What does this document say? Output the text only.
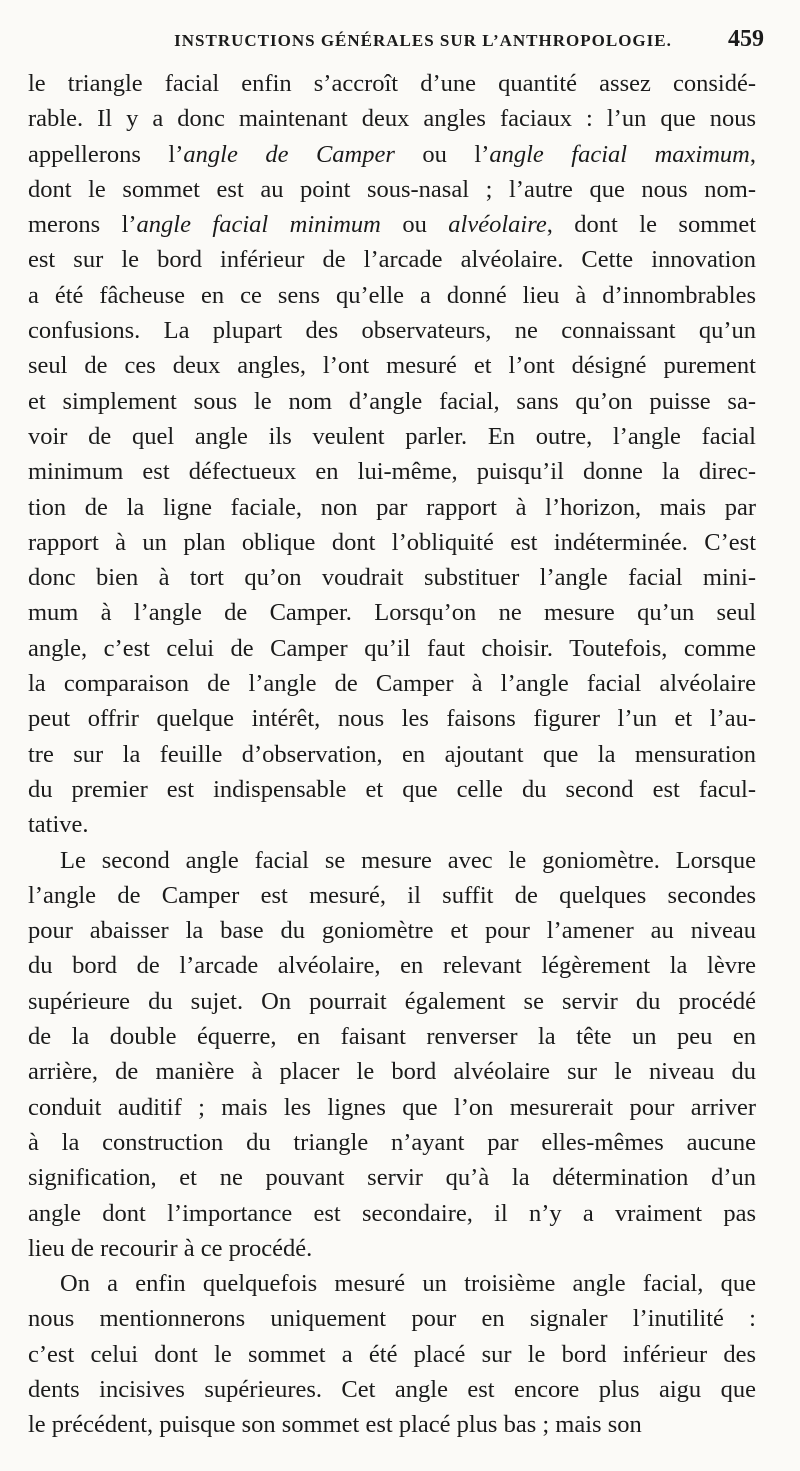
INSTRUCTIONS GÉNÉRALES SUR L’ANTHROPOLOGIE.	459

le triangle facial enfin s’accroît d’une quantité assez considé-
rable. Il y a donc maintenant deux angles faciaux : l’un que nous
appellerons l’angle de Camper ou l’angle facial maximum,
dont le sommet est au point sous-nasal ; l’autre que nous nom-
merons l’angle facial minimum ou alvéolaire, dont le sommet
est sur le bord inférieur de l’arcade alvéolaire. Cette innovation
a été fâcheuse en ce sens qu’elle a donné lieu à d’innombrables
confusions. La plupart des observateurs, ne connaissant qu’un
seul de ces deux angles, l’ont mesuré et l’ont désigné purement
et simplement sous le nom d’angle facial, sans qu’on puisse sa-
voir de quel angle ils veulent parler. En outre, l’angle facial
minimum est défectueux en lui-même, puisqu’il donne la direc-
tion de la ligne faciale, non par rapport à l’horizon, mais par
rapport à un plan oblique dont l’obliquité est indéterminée. C’est
donc bien à tort qu’on voudrait substituer l’angle facial mini-
mum à l’angle de Camper. Lorsqu’on ne mesure qu’un seul
angle, c’est celui de Camper qu’il faut choisir. Toutefois, comme
la comparaison de l’angle de Camper à l’angle facial alvéolaire
peut offrir quelque intérêt, nous les faisons figurer l’un et l’au-
tre sur la feuille d’observation, en ajoutant que la mensuration
du premier est indispensable et que celle du second est facul-
tative.

Le second angle facial se mesure avec le goniomètre. Lorsque
l’angle de Camper est mesuré, il suffit de quelques secondes
pour abaisser la base du goniomètre et pour l’amener au niveau
du bord de l’arcade alvéolaire, en relevant légèrement la lèvre
supérieure du sujet. On pourrait également se servir du procédé
de la double équerre, en faisant renverser la tête un peu en
arrière, de manière à placer le bord alvéolaire sur le niveau du
conduit auditif ; mais les lignes que l’on mesurerait pour arriver
à la construction du triangle n’ayant par elles-mêmes aucune
signification, et ne pouvant servir qu’à la détermination d’un
angle dont l’importance est secondaire, il n’y a vraiment pas
lieu de recourir à ce procédé.

On a enfin quelquefois mesuré un troisième angle facial, que
nous mentionnerons uniquement pour en signaler l’inutilité :
c’est celui dont le sommet a été placé sur le bord inférieur des
dents incisives supérieures. Cet angle est encore plus aigu que
le précédent, puisque son sommet est placé plus bas ; mais son
